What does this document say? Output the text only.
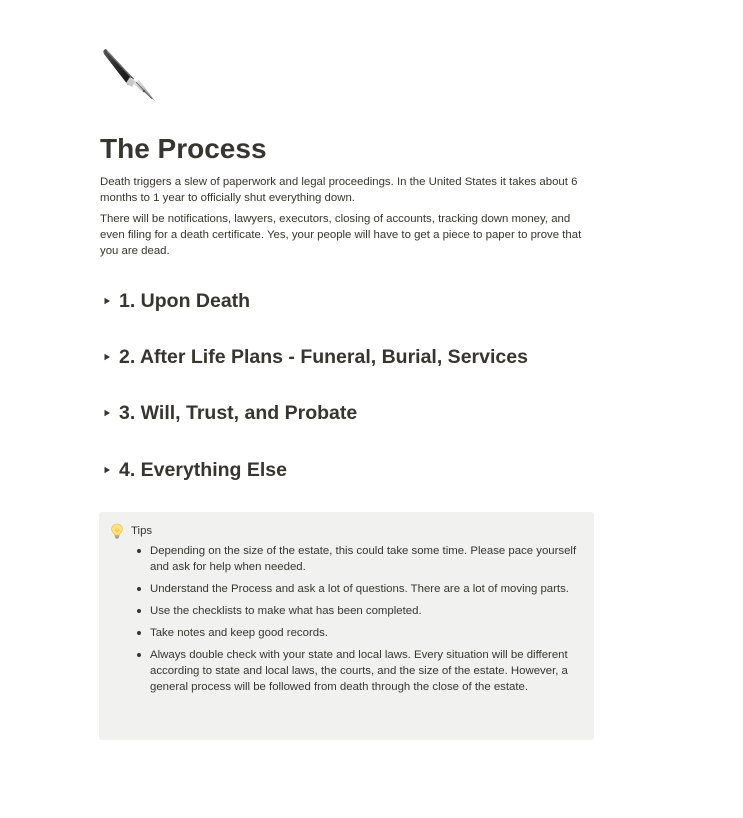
The Process

Death triggers a slew of paperwork and legal proceedings. In the United States it takes about 6 months to 1 year to officially shut everything down.

There will be notifications, lawyers, executors, closing of accounts, tracking down money, and even filing for a death certificate. Yes, your people will have to get a piece to paper to prove that you are dead.

1. Upon Death
2. After Life Plans - Funeral, Burial, Services
3. Will, Trust, and Probate
4. Everything Else
Tips
Depending on the size of the estate, this could take some time. Please pace yourself and ask for help when needed.
Understand the Process and ask a lot of questions. There are a lot of moving parts.
Use the checklists to make what has been completed.
Take notes and keep good records.
Always double check with your state and local laws. Every situation will be different according to state and local laws, the courts, and the size of the estate. However, a general process will be followed from death through the close of the estate.
